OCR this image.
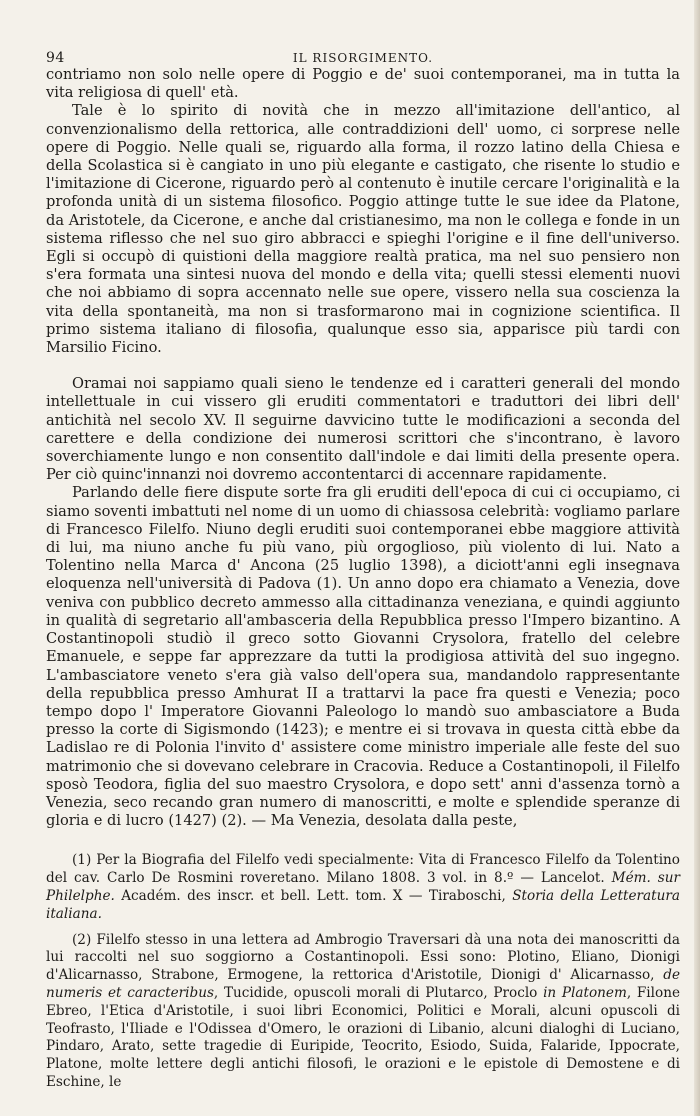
94	IL RISORGIMENTO.

contriamo non solo nelle opere di Poggio e de' suoi contemporanei, ma in tutta la vita religiosa di quell' età.

Tale è lo spirito di novità che in mezzo all'imitazione dell'antico, al convenzionalismo della rettorica, alle contraddizioni dell' uomo, ci sorprese nelle opere di Poggio. Nelle quali se, riguardo alla forma, il rozzo latino della Chiesa e della Scolastica si è cangiato in uno più elegante e castigato, che risente lo studio e l'imitazione di Cicerone, riguardo però al contenuto è inutile cercare l'originalità e la profonda unità di un sistema filosofico. Poggio attinge tutte le sue idee da Platone, da Aristotele, da Cicerone, e anche dal cristianesimo, ma non le collega e fonde in un sistema riflesso che nel suo giro abbracci e spieghi l'origine e il fine dell'universo. Egli si occupò di quistioni della maggiore realtà pratica, ma nel suo pensiero non s'era formata una sintesi nuova del mondo e della vita; quelli stessi elementi nuovi che noi abbiamo di sopra accennato nelle sue opere, vissero nella sua coscienza la vita della spontaneità, ma non si trasformarono mai in cognizione scientifica. Il primo sistema italiano di filosofia, qualunque esso sia, apparisce più tardi con Marsilio Ficino.

Oramai noi sappiamo quali sieno le tendenze ed i caratteri generali del mondo intellettuale in cui vissero gli eruditi commentatori e traduttori dei libri dell' antichità nel secolo XV. Il seguirne davvicino tutte le modificazioni a seconda del carettere e della condizione dei numerosi scrittori che s'incontrano, è lavoro soverchiamente lungo e non consentito dall'indole e dai limiti della presente opera. Per ciò quinc'innanzi noi dovremo accontentarci di accennare rapidamente.

Parlando delle fiere dispute sorte fra gli eruditi dell'epoca di cui ci occupiamo, ci siamo soventi imbattuti nel nome di un uomo di chiassosa celebrità: vogliamo parlare di Francesco Filelfo. Niuno degli eruditi suoi contemporanei ebbe maggiore attività di lui, ma niuno anche fu più vano, più orgoglioso, più violento di lui. Nato a Tolentino nella Marca d' Ancona (25 luglio 1398), a diciott'anni egli insegnava eloquenza nell'università di Padova (1). Un anno dopo era chiamato a Venezia, dove veniva con pubblico decreto ammesso alla cittadinanza veneziana, e quindi aggiunto in qualità di segretario all'ambasceria della Repubblica presso l'Impero bizantino. A Costantinopoli studiò il greco sotto Giovanni Crysolora, fratello del celebre Emanuele, e seppe far apprezzare da tutti la prodigiosa attività del suo ingegno. L'ambasciatore veneto s'era già valso dell'opera sua, mandandolo rappresentante della repubblica presso Amhurat II a trattarvi la pace fra questi e Venezia; poco tempo dopo l' Imperatore Giovanni Paleologo lo mandò suo ambasciatore a Buda presso la corte di Sigismondo (1423); e mentre ei si trovava in questa città ebbe da Ladislao re di Polonia l'invito d' assistere come ministro imperiale alle feste del suo matrimonio che si dovevano celebrare in Cracovia. Reduce a Costantinopoli, il Filelfo sposò Teodora, figlia del suo maestro Crysolora, e dopo sett' anni d'assenza tornò a Venezia, seco recando gran numero di manoscritti, e molte e splendide speranze di gloria e di lucro (1427) (2). — Ma Venezia, desolata dalla peste,

(1) Per la Biografia del Filelfo vedi specialmente: Vita di Francesco Filelfo da Tolentino del cav. Carlo De Rosmini roveretano. Milano 1808. 3 vol. in 8.º — Lancelot. Mém. sur Philelphe. Académ. des inscr. et bell. Lett. tom. X — Tiraboschi, Storia della Letteratura italiana.

(2) Filelfo stesso in una lettera ad Ambrogio Traversari dà una nota dei manoscritti da lui raccolti nel suo soggiorno a Costantinopoli. Essi sono: Plotino, Eliano, Dionigi d'Alicarnasso, Strabone, Ermogene, la rettorica d'Aristotile, Dionigi d' Alicarnasso, de numeris et caracteribus, Tucidide, opuscoli morali di Plutarco, Proclo in Platonem, Filone Ebreo, l'Etica d'Aristotile, i suoi libri Economici, Politici e Morali, alcuni opuscoli di Teofrasto, l'Iliade e l'Odissea d'Omero, le orazioni di Libanio, alcuni dialoghi di Luciano, Pindaro, Arato, sette tragedie di Euripide, Teocrito, Esiodo, Suida, Falaride, Ippocrate, Platone, molte lettere degli antichi filosofi, le orazioni e le epistole di Demostene e di Eschine, le
